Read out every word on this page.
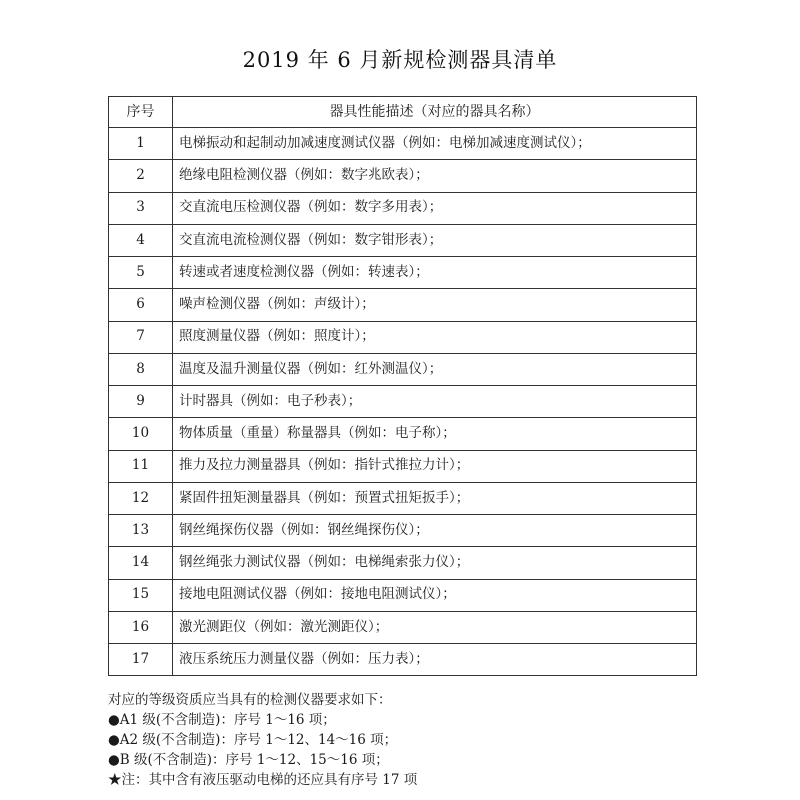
2019 年 6 月新规检测器具清单
序号	器具性能描述（对应的器具名称）
1	电梯振动和起制动加减速度测试仪器（例如：电梯加减速度测试仪）；
2	绝缘电阻检测仪器（例如：数字兆欧表）；
3	交直流电压检测仪器（例如：数字多用表）；
4	交直流电流检测仪器（例如：数字钳形表）；
5	转速或者速度检测仪器（例如：转速表）；
6	噪声检测仪器（例如：声级计）；
7	照度测量仪器（例如：照度计）；
8	温度及温升测量仪器（例如：红外测温仪）；
9	计时器具（例如：电子秒表）；
10	物体质量（重量）称量器具（例如：电子称）；
11	推力及拉力测量器具（例如：指针式推拉力计）；
12	紧固件扭矩测量器具（例如：预置式扭矩扳手）；
13	钢丝绳探伤仪器（例如：钢丝绳探伤仪）；
14	钢丝绳张力测试仪器（例如：电梯绳索张力仪）；
15	接地电阻测试仪器（例如：接地电阻测试仪）；
16	激光测距仪（例如：激光测距仪）；
17	液压系统压力测量仪器（例如：压力表）；
对应的等级资质应当具有的检测仪器要求如下：
●A1 级(不含制造)：序号 1～16 项；
●A2 级(不含制造)：序号 1～12、14～16 项；
●B 级(不含制造)：序号 1～12、15～16 项；
★注：其中含有液压驱动电梯的还应具有序号 17 项
